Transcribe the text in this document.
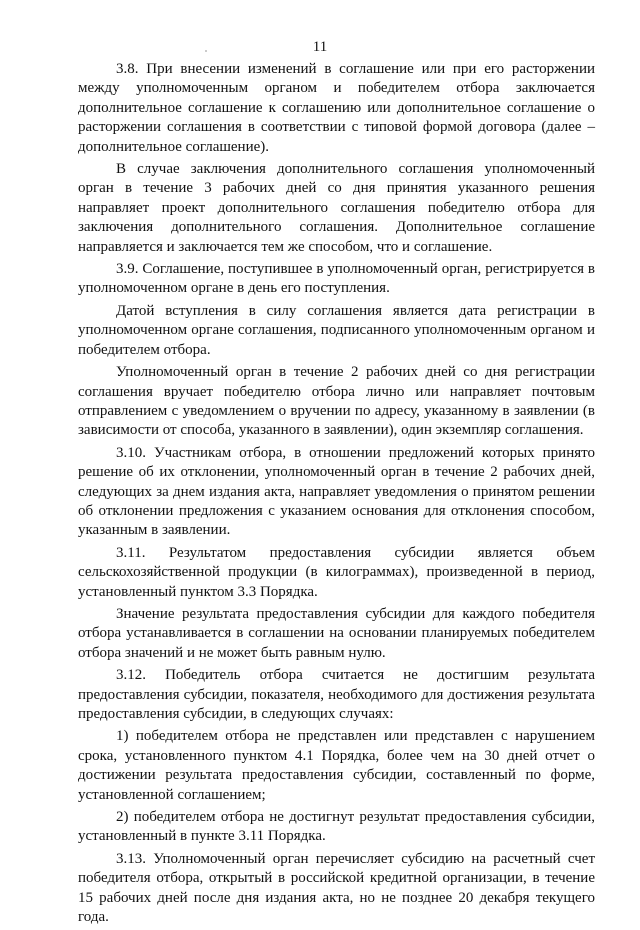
11

3.8. При внесении изменений в соглашение или при его расторжении между уполномоченным органом и победителем отбора заключается дополнительное соглашение к соглашению или дополнительное соглашение о расторжении соглашения в соответствии с типовой формой договора (далее – дополнительное соглашение).

В случае заключения дополнительного соглашения уполномоченный орган в течение 3 рабочих дней со дня принятия указанного решения направляет проект дополнительного соглашения победителю отбора для заключения дополнительного соглашения. Дополнительное соглашение направляется и заключается тем же способом, что и соглашение.

3.9. Соглашение, поступившее в уполномоченный орган, регистрируется в уполномоченном органе в день его поступления.

Датой вступления в силу соглашения является дата регистрации в уполномоченном органе соглашения, подписанного уполномоченным органом и победителем отбора.

Уполномоченный орган в течение 2 рабочих дней со дня регистрации соглашения вручает победителю отбора лично или направляет почтовым отправлением с уведомлением о вручении по адресу, указанному в заявлении (в зависимости от способа, указанного в заявлении), один экземпляр соглашения.

3.10. Участникам отбора, в отношении предложений которых принято решение об их отклонении, уполномоченный орган в течение 2 рабочих дней, следующих за днем издания акта, направляет уведомления о принятом решении об отклонении предложения с указанием основания для отклонения способом, указанным в заявлении.

3.11. Результатом предоставления субсидии является объем сельскохозяйственной продукции (в килограммах), произведенной в период, установленный пунктом 3.3 Порядка.

Значение результата предоставления субсидии для каждого победителя отбора устанавливается в соглашении на основании планируемых победителем отбора значений и не может быть равным нулю.

3.12. Победитель отбора считается не достигшим результата предоставления субсидии, показателя, необходимого для достижения результата предоставления субсидии, в следующих случаях:

1) победителем отбора не представлен или представлен с нарушением срока, установленного пунктом 4.1 Порядка, более чем на 30 дней отчет о достижении результата предоставления субсидии, составленный по форме, установленной соглашением;

2) победителем отбора не достигнут результат предоставления субсидии, установленный в пункте 3.11 Порядка.

3.13. Уполномоченный орган перечисляет субсидию на расчетный счет победителя отбора, открытый в российской кредитной организации, в течение 15 рабочих дней после дня издания акта, но не позднее 20 декабря текущего года.
